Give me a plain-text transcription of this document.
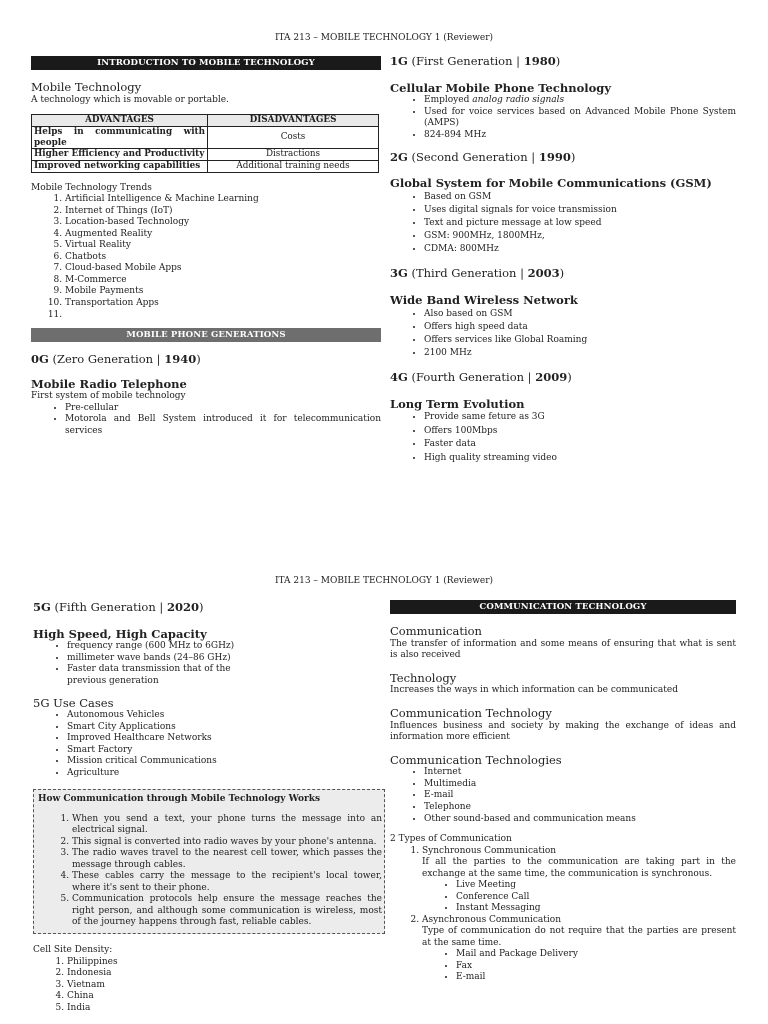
ITA 213 – MOBILE TECHNOLOGY 1 (Reviewer)
INTRODUCTION TO MOBILE TECHNOLOGY
Mobile Technology

A technology which is movable or portable.

ADVANTAGES	DISADVANTAGES
Helps in communicating with people	Costs
Higher Efficiency and Productivity	Distractions
Improved networking capabilities	Additional training needs

Mobile Technology Trends

1. Artificial Intelligence & Machine Learning
2. Internet of Things (IoT)
3. Location-based Technology
4. Augmented Reality
5. Virtual Reality
6. Chatbots
7. Cloud-based Mobile Apps
8. M-Commerce
9. Mobile Payments
10. Transportation Apps
11.
MOBILE PHONE GENERATIONS
0G (Zero Generation | 1940)
Mobile Radio Telephone

First system of mobile technology

• Pre-cellular
• Motorola and Bell System introduced it for telecommunication services
1G (First Generation | 1980)
Cellular Mobile Phone Technology
• Employed analog radio signals
• Used for voice services based on Advanced Mobile Phone System (AMPS)
• 824-894 MHz
2G (Second Generation | 1990)
Global System for Mobile Communications (GSM)
• Based on GSM
• Uses digital signals for voice transmission
• Text and picture message at low speed
• GSM: 900MHz, 1800MHz,
• CDMA: 800MHz
3G (Third Generation | 2003)
Wide Band Wireless Network
• Also based on GSM
• Offers high speed data
• Offers services like Global Roaming
• 2100 MHz
4G (Fourth Generation | 2009)
Long Term Evolution
• Provide same feture as 3G
• Offers 100Mbps
• Faster data
• High quality streaming video
ITA 213 – MOBILE TECHNOLOGY 1 (Reviewer)
5G (Fifth Generation | 2020)
High Speed, High Capacity
• frequency range (600 MHz to 6GHz)
• millimeter wave bands (24–86 GHz)
• Faster data transmission that of the previous generation
5G Use Cases
• Autonomous Vehicles
• Smart City Applications
• Improved Healthcare Networks
• Smart Factory
• Mission critical Communications
• Agriculture
How Communication through Mobile Technology Works
1. When you send a text, your phone turns the message into an electrical signal.
2. This signal is converted into radio waves by your phone's antenna.
3. The radio waves travel to the nearest cell tower, which passes the message through cables.
4. These cables carry the message to the recipient's local tower, where it's sent to their phone.
5. Communication protocols help ensure the message reaches the right person, and although some communication is wireless, most of the journey happens through fast, reliable cables.

Cell Site Density:

1. Philippines
2. Indonesia
3. Vietnam
4. China
5. India
COMMUNICATION TECHNOLOGY
Communication

The transfer of information and some means of ensuring that what is sent is also received

Technology

Increases the ways in which information can be communicated

Communication Technology

Influences business and society by making the exchange of ideas and information more efficient

Communication Technologies
• Internet
• Multimedia
• E-mail
• Telephone
• Other sound-based and communication means

2 Types of Communication

1. Synchronous Communication

If all the parties to the communication are taking part in the exchange at the same time, the communication is synchronous.

• Live Meeting
• Conference Call
• Instant Messaging
2. Asynchronous Communication

Type of communication do not require that the parties are present at the same time.

• Mail and Package Delivery
• Fax
• E-mail
